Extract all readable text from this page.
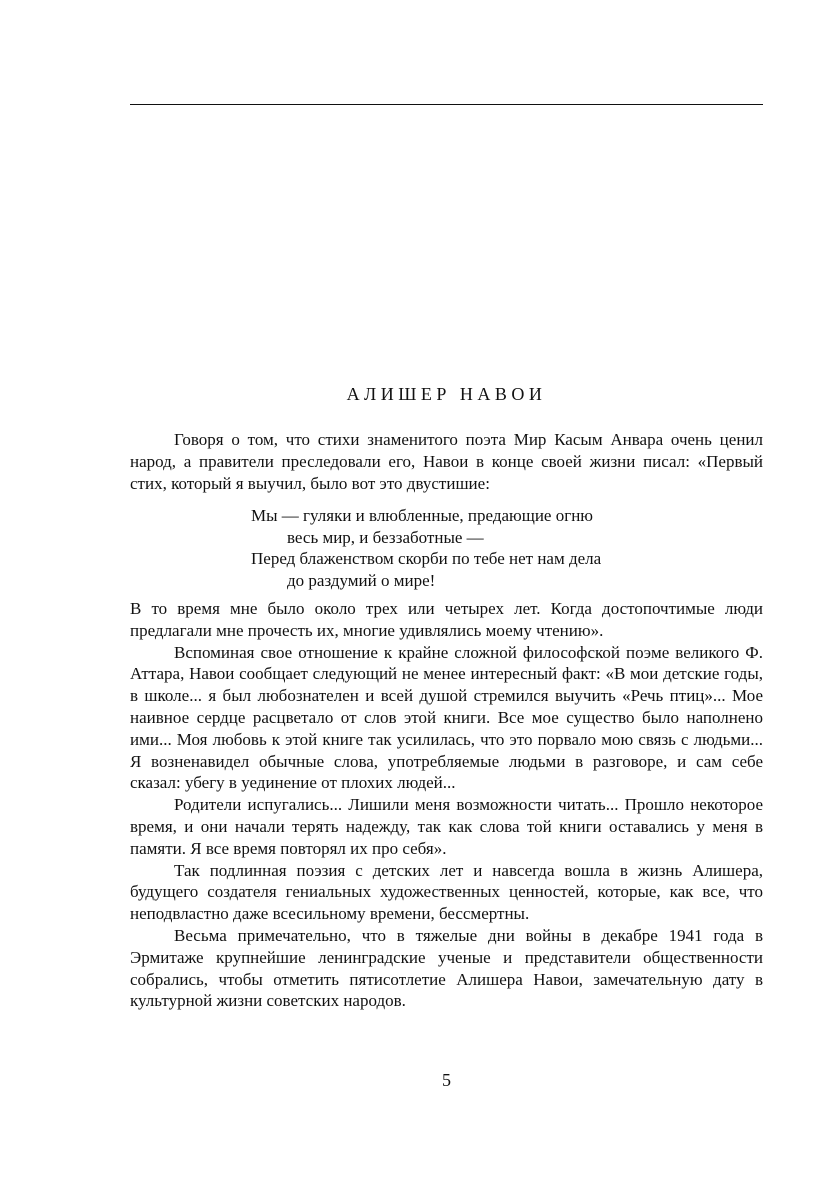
АЛИШЕР НАВОИ

Говоря о том, что стихи знаменитого поэта Мир Касым Анвара очень ценил народ, а правители преследовали его, Навои в конце своей жизни писал: «Первый стих, который я выучил, было вот это двустишие:

Мы — гуляки и влюбленные, предающие огню
весь мир, и беззаботные —
Перед блаженством скорби по тебе нет нам дела
до раздумий о мире!

В то время мне было около трех или четырех лет. Когда достопочтимые люди предлагали мне прочесть их, многие удивлялись моему чтению».

Вспоминая свое отношение к крайне сложной философской поэме великого Ф. Аттара, Навои сообщает следующий не менее интересный факт: «В мои детские годы, в школе... я был любознателен и всей душой стремился выучить «Речь птиц»... Мое наивное сердце расцветало от слов этой книги. Все мое существо было наполнено ими... Моя любовь к этой книге так усилилась, что это порвало мою связь с людьми... Я возненавидел обычные слова, употребляемые людьми в разговоре, и сам себе сказал: убегу в уединение от плохих людей...

Родители испугались... Лишили меня возможности читать... Прошло некоторое время, и они начали терять надежду, так как слова той книги оставались у меня в памяти. Я все время повторял их про себя».

Так подлинная поэзия с детских лет и навсегда вошла в жизнь Алишера, будущего создателя гениальных художественных ценностей, которые, как все, что неподвластно даже всесильному времени, бессмертны.

Весьма примечательно, что в тяжелые дни войны в декабре 1941 года в Эрмитаже крупнейшие ленинградские ученые и представители общественности собрались, чтобы отметить пятисотлетие Алишера Навои, замечательную дату в культурной жизни советских народов.

5
